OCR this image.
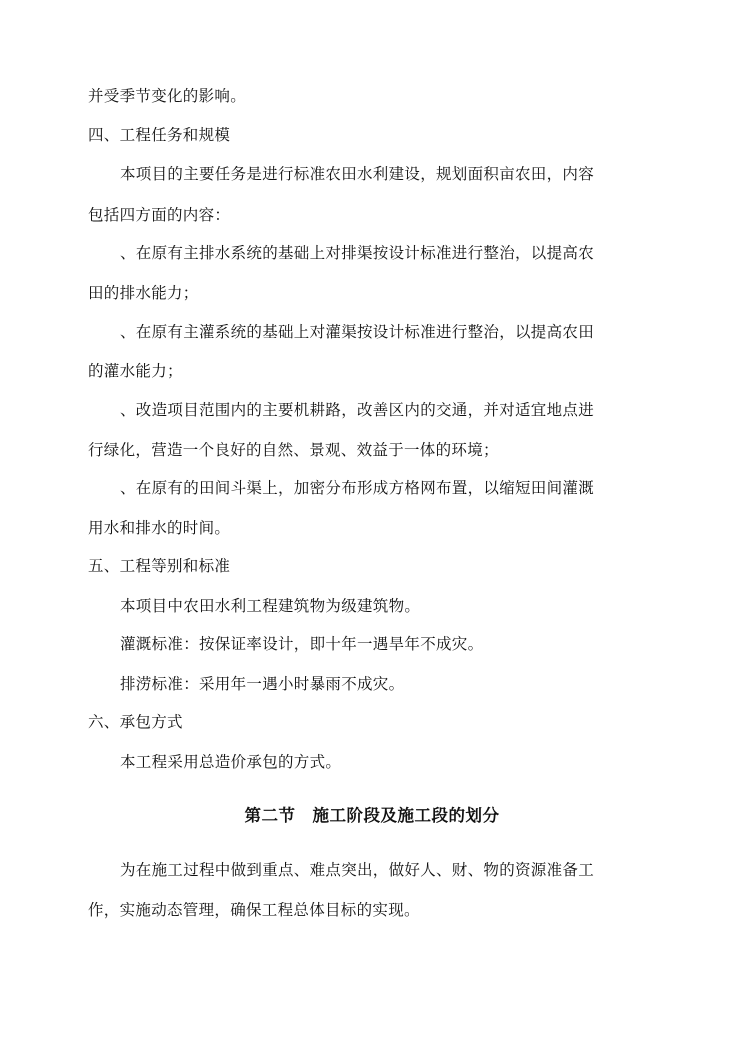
并受季节变化的影响。
四、工程任务和规模
本项目的主要任务是进行标准农田水利建设，规划面积亩农田，内容
包括四方面的内容：
、在原有主排水系统的基础上对排渠按设计标准进行整治，以提高农
田的排水能力；
、在原有主灌系统的基础上对灌渠按设计标准进行整治，以提高农田
的灌水能力；
、改造项目范围内的主要机耕路，改善区内的交通，并对适宜地点进
行绿化，营造一个良好的自然、景观、效益于一体的环境；
、在原有的田间斗渠上，加密分布形成方格网布置，以缩短田间灌溉
用水和排水的时间。
五、工程等别和标准
本项目中农田水利工程建筑物为级建筑物。
灌溉标准：按保证率设计，即十年一遇旱年不成灾。
排涝标准：采用年一遇小时暴雨不成灾。
六、承包方式
本工程采用总造价承包的方式。
第二节　施工阶段及施工段的划分
为在施工过程中做到重点、难点突出，做好人、财、物的资源准备工
作，实施动态管理，确保工程总体目标的实现。
